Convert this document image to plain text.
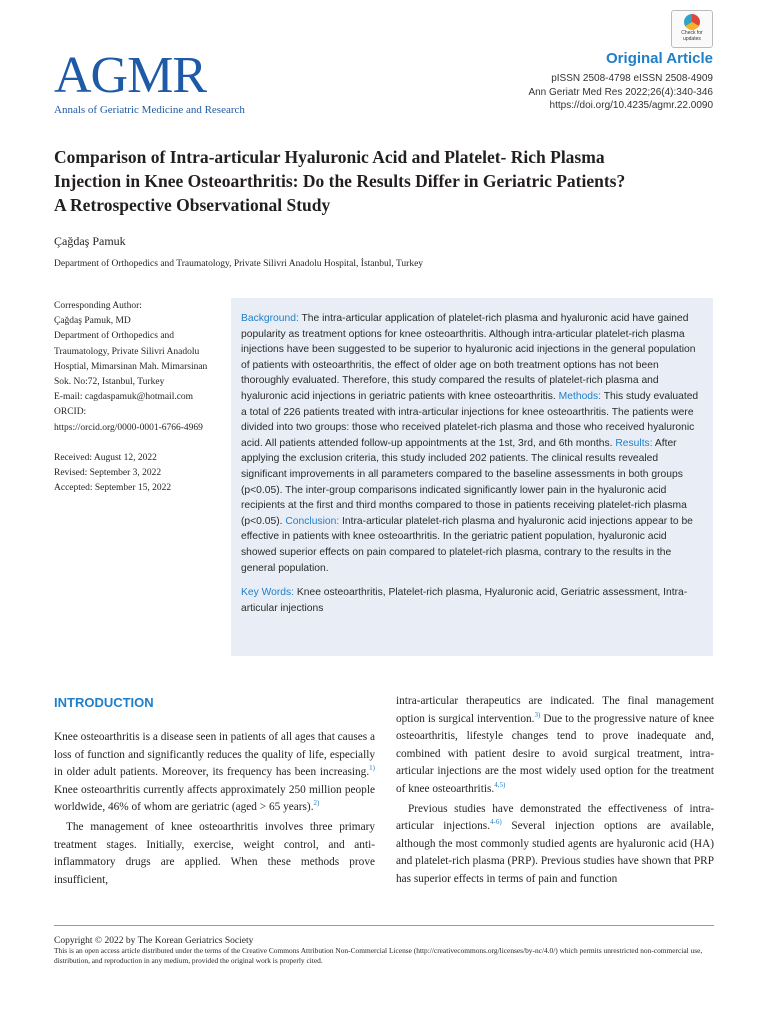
AGMR
Annals of Geriatric Medicine and Research
Check for updates
Original Article
pISSN 2508-4798 eISSN 2508-4909
Ann Geriatr Med Res 2022;26(4):340-346
https://doi.org/10.4235/agmr.22.0090
Comparison of Intra-articular Hyaluronic Acid and Platelet- Rich Plasma
Injection in Knee Osteoarthritis: Do the Results Differ in Geriatric Patients?
A Retrospective Observational Study
Çağdaş Pamuk
Department of Orthopedics and Traumatology, Private Silivri Anadolu Hospital, İstanbul, Turkey
Corresponding Author:
Çağdaş Pamuk, MD
Department of Orthopedics and
Traumatology, Private Silivri Anadolu
Hosptial, Mimarsinan Mah. Mimarsinan
Sok. No:72, Istanbul, Turkey
E-mail: cagdaspamuk@hotmail.com
ORCID:
https://orcid.org/0000-0001-6766-4969
Received: August 12, 2022
Revised: September 3, 2022
Accepted: September 15, 2022
Background: The intra-articular application of platelet-rich plasma and hyaluronic acid have gained popularity as treatment options for knee osteoarthritis. Although intra-articular platelet-rich plasma injections have been suggested to be superior to hyaluronic acid injections in the general population of patients with osteoarthritis, the effect of older age on both treatment options has not been thoroughly evaluated. Therefore, this study compared the results of platelet-rich plasma and hyaluronic acid injections in geriatric patients with knee osteoarthritis. Methods: This study evaluated a total of 226 patients treated with intra-articular injections for knee osteoarthritis. The patients were divided into two groups: those who received platelet-rich plasma and those who received hyaluronic acid. All patients attended follow-up appointments at the 1st, 3rd, and 6th months. Results: After applying the exclusion criteria, this study included 202 patients. The clinical results revealed significant improvements in all parameters compared to the baseline assessments in both groups (p<0.05). The inter-group comparisons indicated significantly lower pain in the hyaluronic acid recipients at the first and third months compared to those in patients receiving platelet-rich plasma (p<0.05). Conclusion: Intra-articular platelet-rich plasma and hyaluronic acid injections appear to be effective in patients with knee osteoarthritis. In the geriatric patient population, hyaluronic acid showed superior effects on pain compared to platelet-rich plasma, contrary to the results in the general population.
Key Words: Knee osteoarthritis, Platelet-rich plasma, Hyaluronic acid, Geriatric assessment, Intra-articular injections
INTRODUCTION

Knee osteoarthritis is a disease seen in patients of all ages that causes a loss of function and significantly reduces the quality of life, especially in older adult patients. Moreover, its frequency has been increasing.$^{1)}$ Knee osteoarthritis currently affects approximately 250 million people worldwide, 46% of whom are geriatric (aged > 65 years).$^{2)}$

The management of knee osteoarthritis involves three primary treatment stages. Initially, exercise, weight control, and anti-inflammatory drugs are applied. When these methods prove insufficient,

intra-articular therapeutics are indicated. The final management option is surgical intervention.$^{3)}$ Due to the progressive nature of knee osteoarthritis, lifestyle changes tend to prove inadequate and, combined with patient desire to avoid surgical treatment, intra-articular injections are the most widely used option for the treatment of knee osteoarthritis.$^{4,5)}$

Previous studies have demonstrated the effectiveness of intra-articular injections.$^{4-6)}$ Several injection options are available, although the most commonly studied agents are hyaluronic acid (HA) and platelet-rich plasma (PRP). Previous studies have shown that PRP has superior effects in terms of pain and function

Copyright © 2022 by The Korean Geriatrics Society
This is an open access article distributed under the terms of the Creative Commons Attribution Non-Commercial License (http://creativecommons.org/licenses/by-nc/4.0/) which permits unrestricted non-commercial use, distribution, and reproduction in any medium, provided the original work is properly cited.
